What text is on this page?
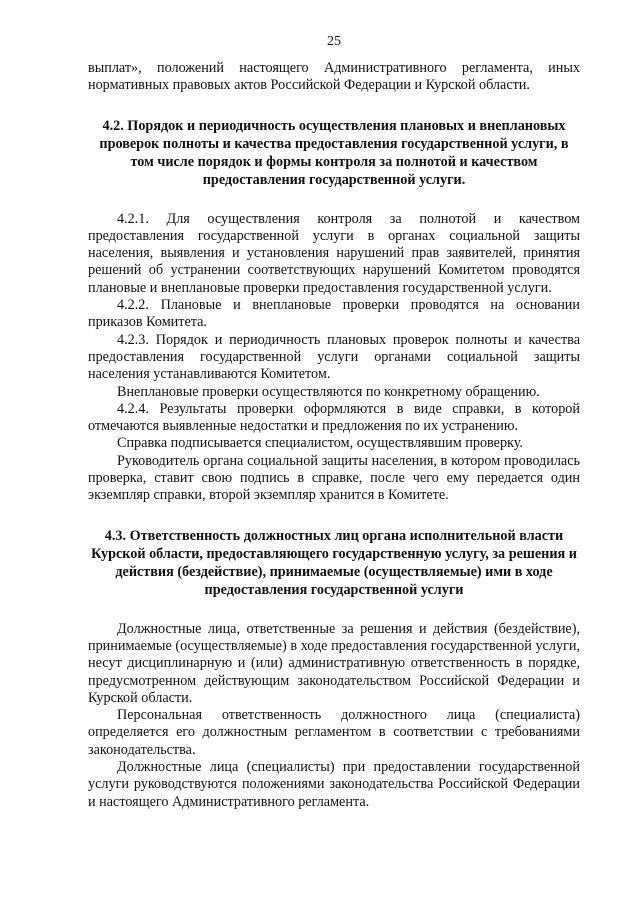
25

выплат», положений настоящего Административного регламента, иных нормативных правовых актов Российской Федерации и Курской области.

4.2. Порядок и периодичность осуществления плановых и внеплановых проверок полноты и качества предоставления государственной услуги, в том числе порядок и формы контроля за полнотой и качеством предоставления государственной услуги.

4.2.1. Для осуществления контроля за полнотой и качеством предоставления государственной услуги в органах социальной защиты населения, выявления и установления нарушений прав заявителей, принятия решений об устранении соответствующих нарушений Комитетом проводятся плановые и внеплановые проверки предоставления государственной услуги.

4.2.2. Плановые и внеплановые проверки проводятся на основании приказов Комитета.

4.2.3. Порядок и периодичность плановых проверок полноты и качества предоставления государственной услуги органами социальной защиты населения устанавливаются Комитетом.

Внеплановые проверки осуществляются по конкретному обращению.

4.2.4. Результаты проверки оформляются в виде справки, в которой отмечаются выявленные недостатки и предложения по их устранению.

Справка подписывается специалистом, осуществлявшим проверку.

Руководитель органа социальной защиты населения, в котором проводилась проверка, ставит свою подпись в справке, после чего ему передается один экземпляр справки, второй экземпляр хранится в Комитете.

4.3. Ответственность должностных лиц органа исполнительной власти Курской области, предоставляющего государственную услугу, за решения и действия (бездействие), принимаемые (осуществляемые) ими в ходе предоставления государственной услуги

Должностные лица, ответственные за решения и действия (бездействие), принимаемые (осуществляемые) в ходе предоставления государственной услуги, несут дисциплинарную и (или) административную ответственность в порядке, предусмотренном действующим законодательством Российской Федерации и Курской области.

Персональная ответственность должностного лица (специалиста) определяется его должностным регламентом в соответствии с требованиями законодательства.

Должностные лица (специалисты) при предоставлении государственной услуги руководствуются положениями законодательства Российской Федерации и настоящего Административного регламента.
